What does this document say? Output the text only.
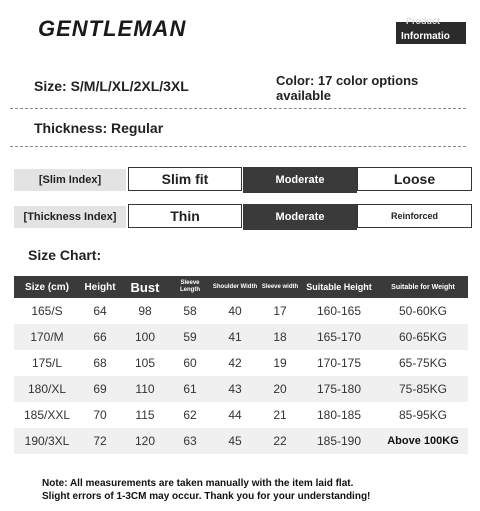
GENTLEMAN	Product
Informatio
Size: S/M/L/XL/2XL/3XL	Color: 17 color options available
Thickness: Regular
[Slim Index]	Slim fit	Moderate	Loose
[Thickness Index]	Thin	Moderate	Reinforced
Size Chart:
Size (cm)	Height	Bust	Sleeve Length	Shoulder Width	Sleeve width	Suitable Height	Suitable for Weight
165/S	64	98	58	40	17	160-165	50-60KG
170/M	66	100	59	41	18	165-170	60-65KG
175/L	68	105	60	42	19	170-175	65-75KG
180/XL	69	110	61	43	20	175-180	75-85KG
185/XXL	70	115	62	44	21	180-185	85-95KG
190/3XL	72	120	63	45	22	185-190	Above 100KG
Note: All measurements are taken manually with the item laid flat.
Slight errors of 1-3CM may occur. Thank you for your understanding!
